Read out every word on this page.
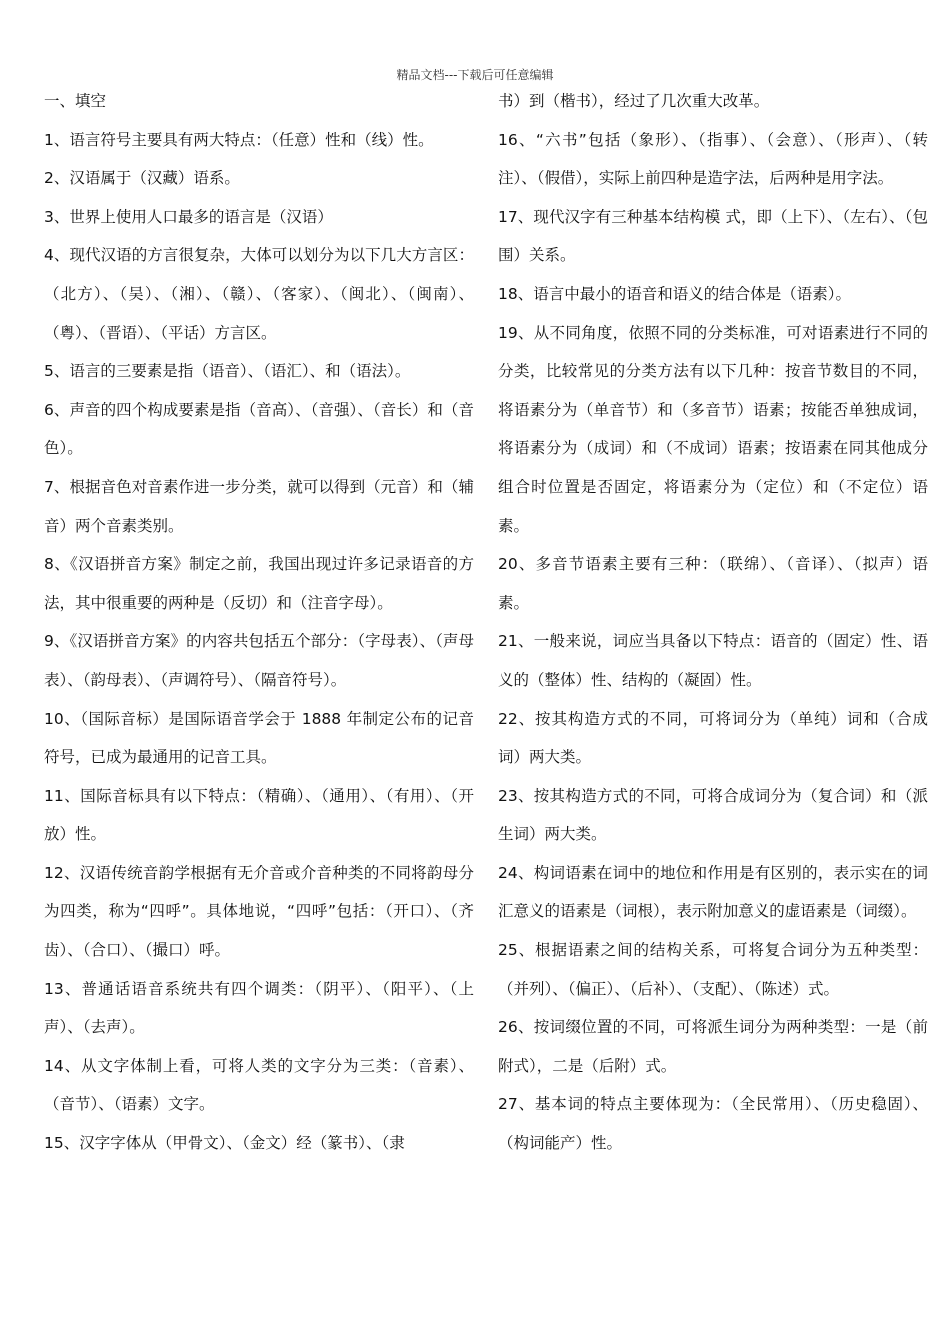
精品文档---下载后可任意编辑

一、填空

1、语言符号主要具有两大特点：（任意）性和（线）性。

2、汉语属于（汉藏）语系。

3、世界上使用人口最多的语言是（汉语）

4、现代汉语的方言很复杂，大体可以划分为以下几大方言区：（北方）、（吴）、（湘）、（赣）、（客家）、（闽北）、（闽南）、（粤）、（晋语）、（平话）方言区。

5、语言的三要素是指（语音）、（语汇）、和（语法）。

6、声音的四个构成要素是指（音高）、（音强）、（音长）和（音色）。

7、根据音色对音素作进一步分类，就可以得到（元音）和（辅音）两个音素类别。

8、《汉语拼音方案》制定之前，我国出现过许多记录语音的方法，其中很重要的两种是（反切）和（注音字母）。

9、《汉语拼音方案》的内容共包括五个部分：（字母表）、（声母表）、（韵母表）、（声调符号）、（隔音符号）。

10、（国际音标）是国际语音学会于 1888 年制定公布的记音符号，已成为最通用的记音工具。

11、国际音标具有以下特点：（精确）、（通用）、（有用）、（开放）性。

12、汉语传统音韵学根据有无介音或介音种类的不同将韵母分为四类，称为“四呼”。具体地说，“四呼”包括：（开口）、（齐齿）、（合口）、（撮口）呼。

13、普通话语音系统共有四个调类：（阴平）、（阳平）、（上声）、（去声）。

14、从文字体制上看，可将人类的文字分为三类：（音素）、（音节）、（语素）文字。

15、汉字字体从（甲骨文）、（金文）经（篆书）、（隶

书）到（楷书），经过了几次重大改革。

16、“六书”包括（象形）、（指事）、（会意）、（形声）、（转注）、（假借），实际上前四种是造字法，后两种是用字法。

17、现代汉字有三种基本结构模 式，即（上下）、（左右）、（包围）关系。

18、语言中最小的语音和语义的结合体是（语素）。

19、从不同角度，依照不同的分类标准，可对语素进行不同的分类，比较常见的分类方法有以下几种：按音节数目的不同，将语素分为（单音节）和（多音节）语素；按能否单独成词，将语素分为（成词）和（不成词）语素；按语素在同其他成分组合时位置是否固定，将语素分为（定位）和（不定位）语素。

20、多音节语素主要有三种：（联绵）、（音译）、（拟声）语素。

21、一般来说，词应当具备以下特点：语音的（固定）性、语义的（整体）性、结构的（凝固）性。

22、按其构造方式的不同，可将词分为（单纯）词和（合成词）两大类。

23、按其构造方式的不同，可将合成词分为（复合词）和（派生词）两大类。

24、构词语素在词中的地位和作用是有区别的，表示实在的词汇意义的语素是（词根），表示附加意义的虚语素是（词缀）。

25、根据语素之间的结构关系，可将复合词分为五种类型：（并列）、（偏正）、（后补）、（支配）、（陈述）式。

26、按词缀位置的不同，可将派生词分为两种类型：一是（前附式），二是（后附）式。

27、基本词的特点主要体现为：（全民常用）、（历史稳固）、（构词能产）性。
